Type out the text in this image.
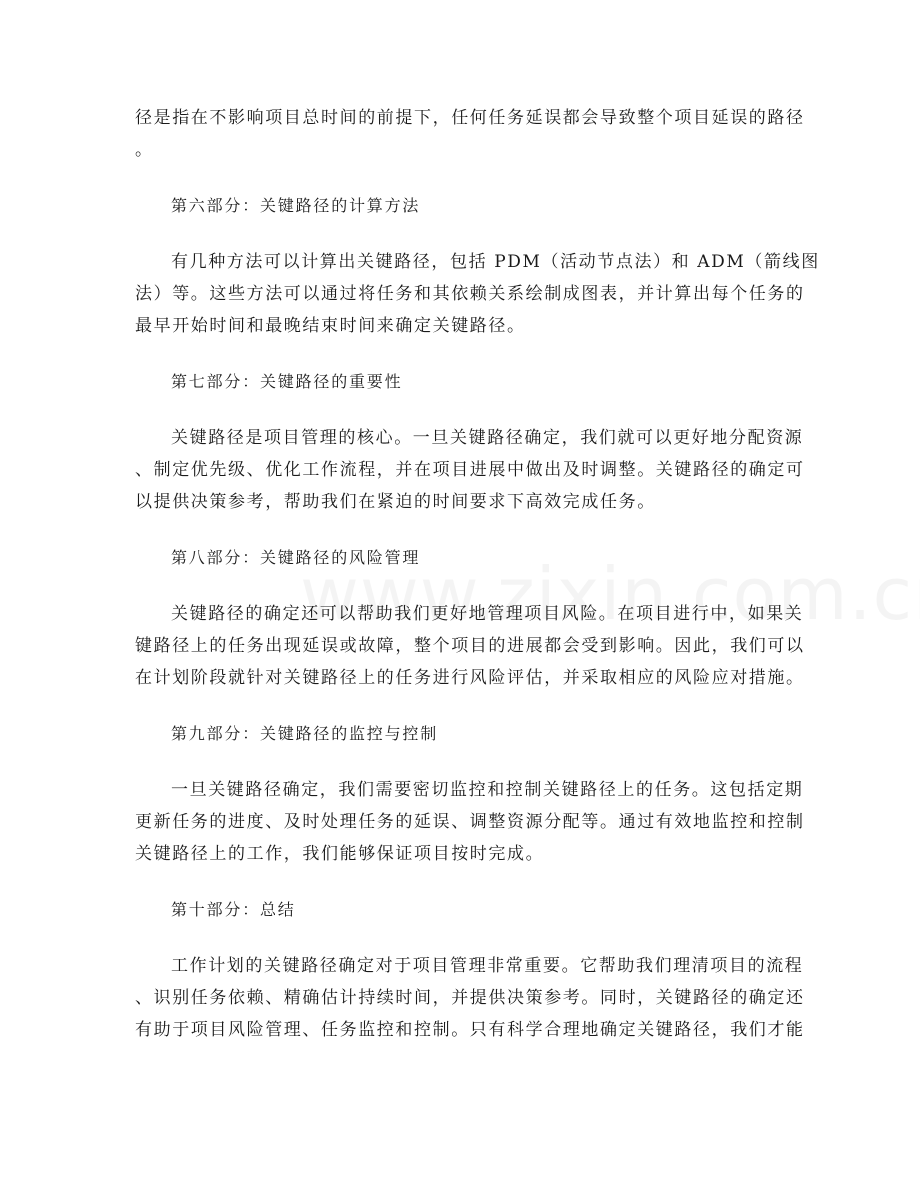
径是指在不影响项目总时间的前提下，任何任务延误都会导致整个项目延误的路径
。
第六部分：关键路径的计算方法
有几种方法可以计算出关键路径，包括 PDM（活动节点法）和 ADM（箭线图
法）等。这些方法可以通过将任务和其依赖关系绘制成图表，并计算出每个任务的
最早开始时间和最晚结束时间来确定关键路径。
第七部分：关键路径的重要性
关键路径是项目管理的核心。一旦关键路径确定，我们就可以更好地分配资源
、制定优先级、优化工作流程，并在项目进展中做出及时调整。关键路径的确定可
以提供决策参考，帮助我们在紧迫的时间要求下高效完成任务。
第八部分：关键路径的风险管理
关键路径的确定还可以帮助我们更好地管理项目风险。在项目进行中，如果关
键路径上的任务出现延误或故障，整个项目的进展都会受到影响。因此，我们可以
在计划阶段就针对关键路径上的任务进行风险评估，并采取相应的风险应对措施。
第九部分：关键路径的监控与控制
一旦关键路径确定，我们需要密切监控和控制关键路径上的任务。这包括定期
更新任务的进度、及时处理任务的延误、调整资源分配等。通过有效地监控和控制
关键路径上的工作，我们能够保证项目按时完成。
第十部分：总结
工作计划的关键路径确定对于项目管理非常重要。它帮助我们理清项目的流程
、识别任务依赖、精确估计持续时间，并提供决策参考。同时，关键路径的确定还
有助于项目风险管理、任务监控和控制。只有科学合理地确定关键路径，我们才能
